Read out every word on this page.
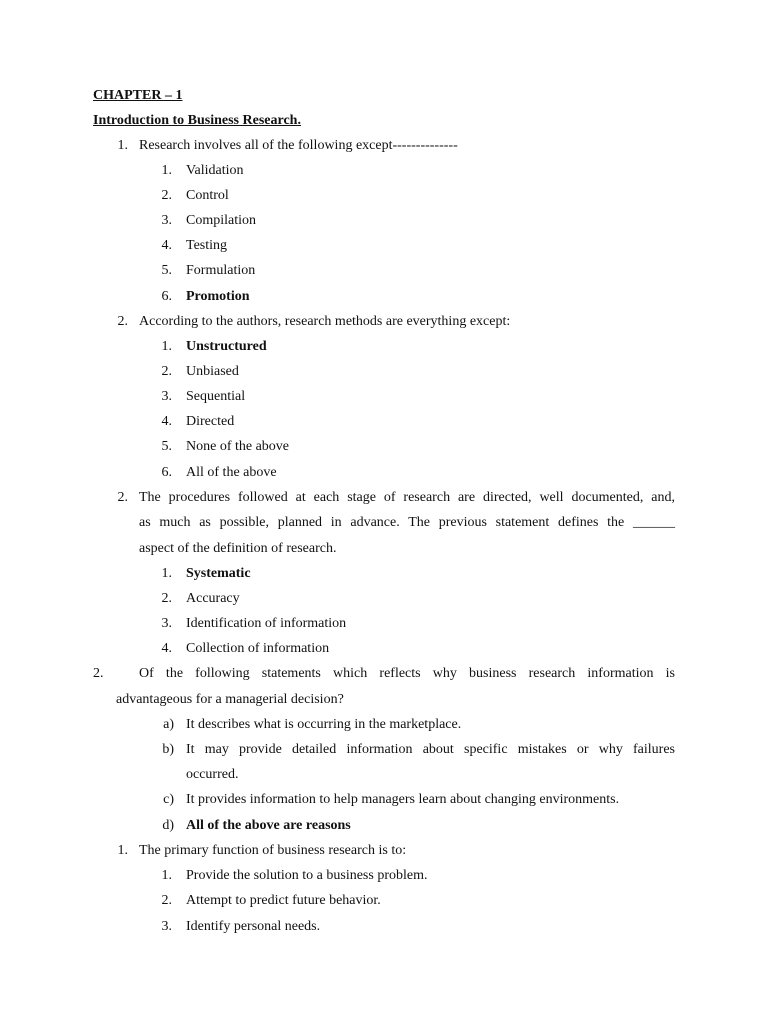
CHAPTER – 1
Introduction to Business Research.
1. Research involves all of the following except--------------
1. Validation
2. Control
3. Compilation
4. Testing
5. Formulation
6. Promotion
2. According to the authors, research methods are everything except:
1. Unstructured
2. Unbiased
3. Sequential
4. Directed
5. None of the above
6. All of the above
2. The procedures followed at each stage of research are directed, well documented, and,
as much as possible, planned in advance. The previous statement defines the ______
aspect of the definition of research.
1. Systematic
2. Accuracy
3. Identification of information
4. Collection of information
2.	Of the following statements which reflects why business research information is
advantageous for a managerial decision?
a) It describes what is occurring in the marketplace.
b) It may provide detailed information about specific mistakes or why failures
occurred.
c) It provides information to help managers learn about changing environments.
d) All of the above are reasons
1. The primary function of business research is to:
1. Provide the solution to a business problem.
2. Attempt to predict future behavior.
3. Identify personal needs.
